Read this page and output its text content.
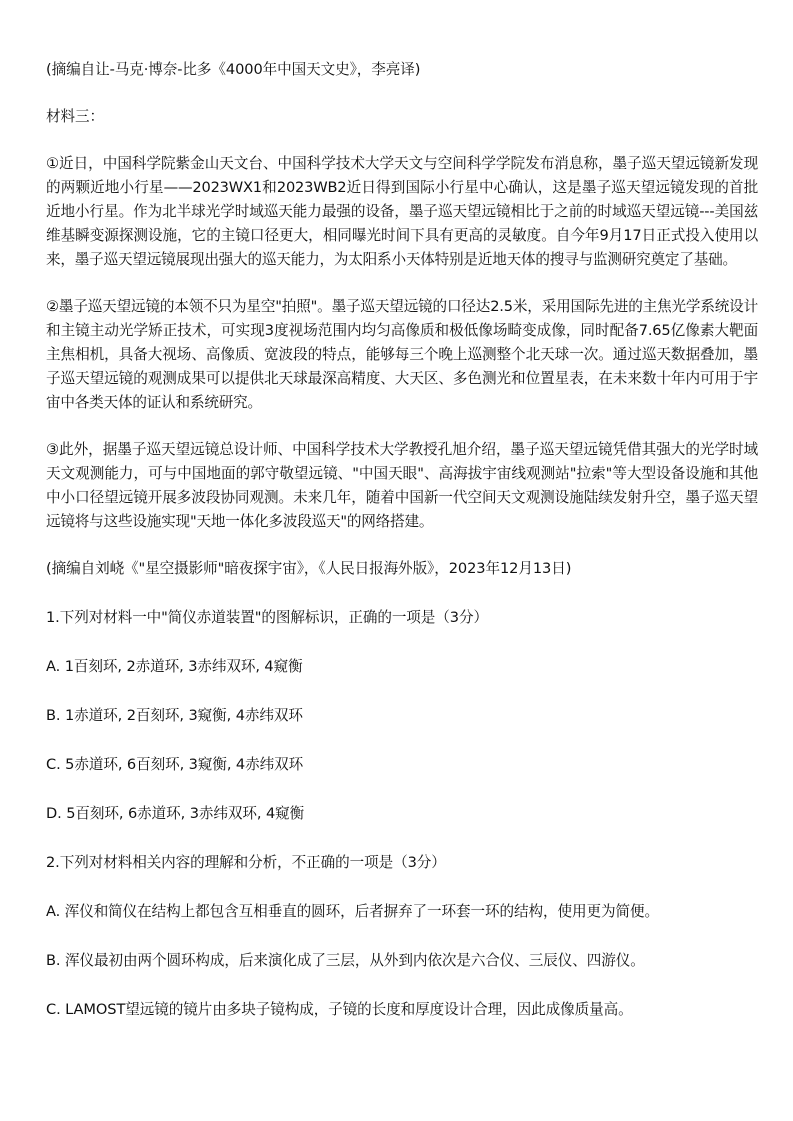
(摘编自让-马克·博奈-比多《4000年中国天文史》，李亮译)

材料三：

①近日，中国科学院紫金山天文台、中国科学技术大学天文与空间科学学院发布消息称，墨子巡天望远镜新发现的两颗近地小行星——2023WX1和2023WB2近日得到国际小行星中心确认，这是墨子巡天望远镜发现的首批近地小行星。作为北半球光学时域巡天能力最强的设备，墨子巡天望远镜相比于之前的时域巡天望远镜---美国兹维基瞬变源探测设施，它的主镜口径更大，相同曝光时间下具有更高的灵敏度。自今年9月17日正式投入使用以来，墨子巡天望远镜展现出强大的巡天能力，为太阳系小天体特别是近地天体的搜寻与监测研究奠定了基础。

②墨子巡天望远镜的本领不只为星空"拍照"。墨子巡天望远镜的口径达2.5米，采用国际先进的主焦光学系统设计和主镜主动光学矫正技术，可实现3度视场范围内均匀高像质和极低像场畸变成像，同时配备7.65亿像素大靶面主焦相机，具备大视场、高像质、宽波段的特点，能够每三个晚上巡测整个北天球一次。通过巡天数据叠加，墨子巡天望远镜的观测成果可以提供北天球最深高精度、大天区、多色测光和位置星表，在未来数十年内可用于宇宙中各类天体的证认和系统研究。

③此外，据墨子巡天望远镜总设计师、中国科学技术大学教授孔旭介绍，墨子巡天望远镜凭借其强大的光学时域天文观测能力，可与中国地面的郭守敬望远镜、"中国天眼"、高海拔宇宙线观测站"拉索"等大型设备设施和其他中小口径望远镜开展多波段协同观测。未来几年，随着中国新一代空间天文观测设施陆续发射升空，墨子巡天望远镜将与这些设施实现"天地一体化多波段巡天"的网络搭建。

(摘编自刘峣《"星空摄影师"暗夜探宇宙》，《人民日报海外版》，2023年12月13日)

1.下列对材料一中"简仪赤道装置"的图解标识，正确的一项是（3分）

A. 1百刻环, 2赤道环, 3赤纬双环, 4窥衡

B. 1赤道环, 2百刻环, 3窥衡, 4赤纬双环

C. 5赤道环, 6百刻环, 3窥衡, 4赤纬双环

D. 5百刻环, 6赤道环, 3赤纬双环, 4窥衡

2.下列对材料相关内容的理解和分析，不正确的一项是（3分）

A. 浑仪和简仪在结构上都包含互相垂直的圆环，后者摒弃了一环套一环的结构，使用更为简便。

B. 浑仪最初由两个圆环构成，后来演化成了三层，从外到内依次是六合仪、三辰仪、四游仪。

C. LAMOST望远镜的镜片由多块子镜构成，子镜的长度和厚度设计合理，因此成像质量高。
